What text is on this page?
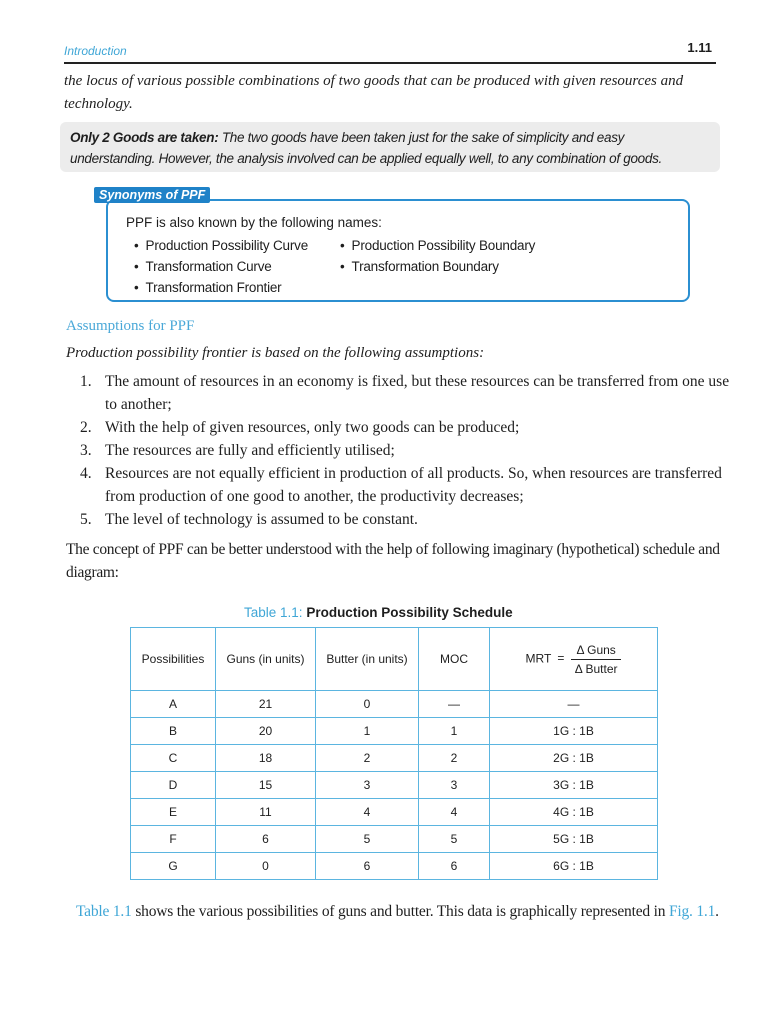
Introduction	1.11
the locus of various possible combinations of two goods that can be produced with given resources and technology.
Only 2 Goods are taken: The two goods have been taken just for the sake of simplicity and easy understanding. However, the analysis involved can be applied equally well, to any combination of goods.
Synonyms of PPF
PPF is also known by the following names:
• Production Possibility Curve
• Transformation Curve
• Transformation Frontier
• Production Possibility Boundary
• Transformation Boundary
Assumptions for PPF
Production possibility frontier is based on the following assumptions:
1. The amount of resources in an economy is fixed, but these resources can be transferred from one use to another;
2. With the help of given resources, only two goods can be produced;
3. The resources are fully and efficiently utilised;
4. Resources are not equally efficient in production of all products. So, when resources are transferred from production of one good to another, the productivity decreases;
5. The level of technology is assumed to be constant.
The concept of PPF can be better understood with the help of following imaginary (hypothetical) schedule and diagram:
Table 1.1: Production Possibility Schedule
Possibilities	Guns (in units)	Butter (in units)	MOC	MRT = $\frac{\text{Δ Guns}}{\text{Δ Butter}}$

A	21	0	—	—
B	20	1	1	1G : 1B
C	18	2	2	2G : 1B
D	15	3	3	3G : 1B
E	11	4	4	4G : 1B
F	6	5	5	5G : 1B
G	0	6	6	6G : 1B
Table 1.1 shows the various possibilities of guns and butter. This data is graphically represented in Fig. 1.1.
